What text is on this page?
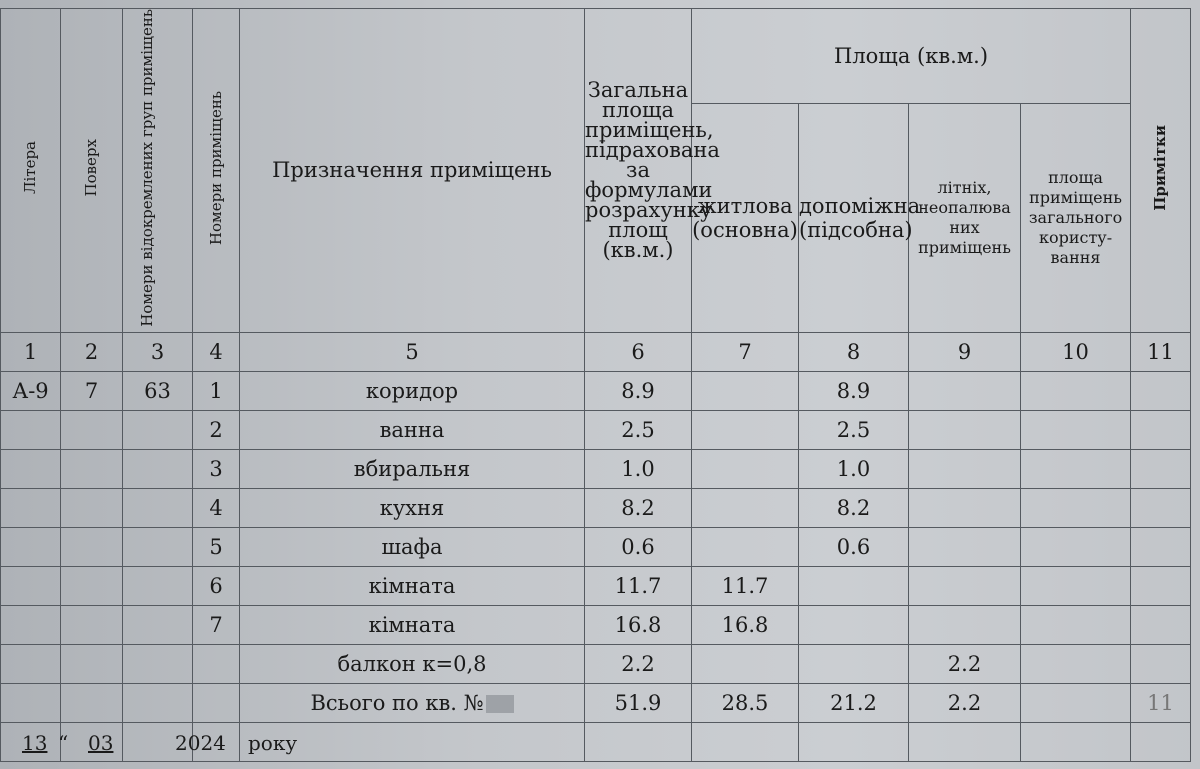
Літера	Поверх	Номери відокремлених груп приміщень	Номери приміщень	Призначення приміщень	Загальна площа приміщень, підрахована за формулами розрахунку площ (кв.м.)	Площа (кв.м.)				Примітки
						житлова (основна)	допоміжна (підсобна)	літніх, неопалюва них приміщень	площа приміщень загального користу-вання	
1	2	3	4	5	6	7	8	9	10	11
А-9	7	63	1	коридор	8.9		8.9			
			2	ванна	2.5		2.5			
			3	вбиральня	1.0		1.0			
			4	кухня	8.2		8.2			
			5	шафа	0.6		0.6			
			6	кімната	11.7	11.7				
			7	кімната	16.8	16.8				
				балкон к=0,8	2.2			2.2		
				Всього по кв. №	51.9	28.5	21.2	2.2		11

13 “ 03	2024 року
